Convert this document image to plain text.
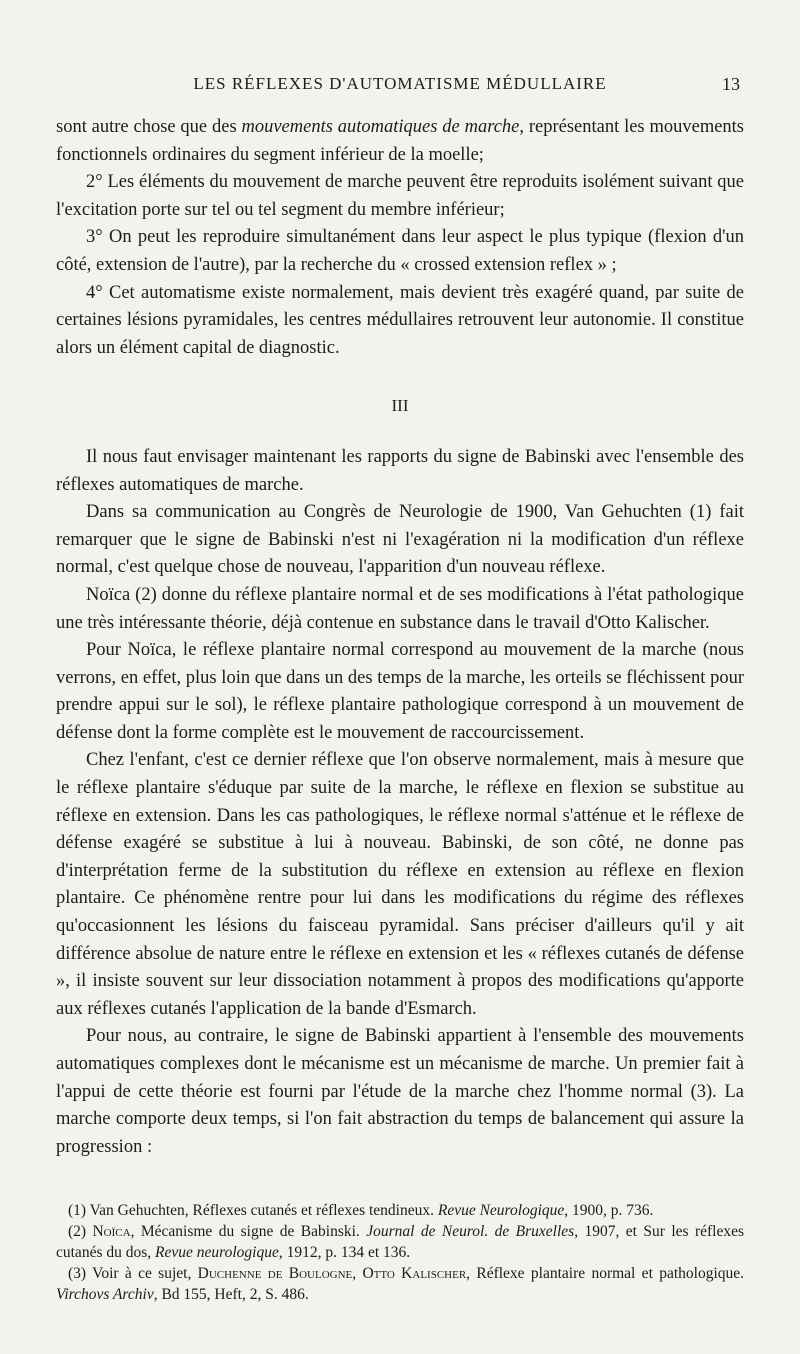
LES RÉFLEXES D'AUTOMATISME MÉDULLAIRE	13

sont autre chose que des mouvements automatiques de marche, représentant les mouvements fonctionnels ordinaires du segment inférieur de la moelle;

2° Les éléments du mouvement de marche peuvent être reproduits isolément suivant que l'excitation porte sur tel ou tel segment du membre inférieur;

3° On peut les reproduire simultanément dans leur aspect le plus typique (flexion d'un côté, extension de l'autre), par la recherche du « crossed extension reflex » ;

4° Cet automatisme existe normalement, mais devient très exagéré quand, par suite de certaines lésions pyramidales, les centres médullaires retrouvent leur autonomie. Il constitue alors un élément capital de diagnostic.

III

Il nous faut envisager maintenant les rapports du signe de Babinski avec l'ensemble des réflexes automatiques de marche.

Dans sa communication au Congrès de Neurologie de 1900, Van Gehuchten (1) fait remarquer que le signe de Babinski n'est ni l'exagération ni la modification d'un réflexe normal, c'est quelque chose de nouveau, l'apparition d'un nouveau réflexe.

Noïca (2) donne du réflexe plantaire normal et de ses modifications à l'état pathologique une très intéressante théorie, déjà contenue en substance dans le travail d'Otto Kalischer.

Pour Noïca, le réflexe plantaire normal correspond au mouvement de la marche (nous verrons, en effet, plus loin que dans un des temps de la marche, les orteils se fléchissent pour prendre appui sur le sol), le réflexe plantaire pathologique correspond à un mouvement de défense dont la forme complète est le mouvement de raccourcissement.

Chez l'enfant, c'est ce dernier réflexe que l'on observe normalement, mais à mesure que le réflexe plantaire s'éduque par suite de la marche, le réflexe en flexion se substitue au réflexe en extension. Dans les cas pathologiques, le réflexe normal s'atténue et le réflexe de défense exagéré se substitue à lui à nouveau. Babinski, de son côté, ne donne pas d'interprétation ferme de la substitution du réflexe en extension au réflexe en flexion plantaire. Ce phénomène rentre pour lui dans les modifications du régime des réflexes qu'occasionnent les lésions du faisceau pyramidal. Sans préciser d'ailleurs qu'il y ait différence absolue de nature entre le réflexe en extension et les « réflexes cutanés de défense », il insiste souvent sur leur dissociation notamment à propos des modifications qu'apporte aux réflexes cutanés l'application de la bande d'Esmarch.

Pour nous, au contraire, le signe de Babinski appartient à l'ensemble des mouvements automatiques complexes dont le mécanisme est un mécanisme de marche. Un premier fait à l'appui de cette théorie est fourni par l'étude de la marche chez l'homme normal (3). La marche comporte deux temps, si l'on fait abstraction du temps de balancement qui assure la progression :

(1) Van Gehuchten, Réflexes cutanés et réflexes tendineux. Revue Neurologique, 1900, p. 736.

(2) Noïca, Mécanisme du signe de Babinski. Journal de Neurol. de Bruxelles, 1907, et Sur les réflexes cutanés du dos, Revue neurologique, 1912, p. 134 et 136.

(3) Voir à ce sujet, Duchenne de Boulogne, Otto Kalischer, Réflexe plantaire normal et pathologique. Virchovs Archiv, Bd 155, Heft, 2, S. 486.
